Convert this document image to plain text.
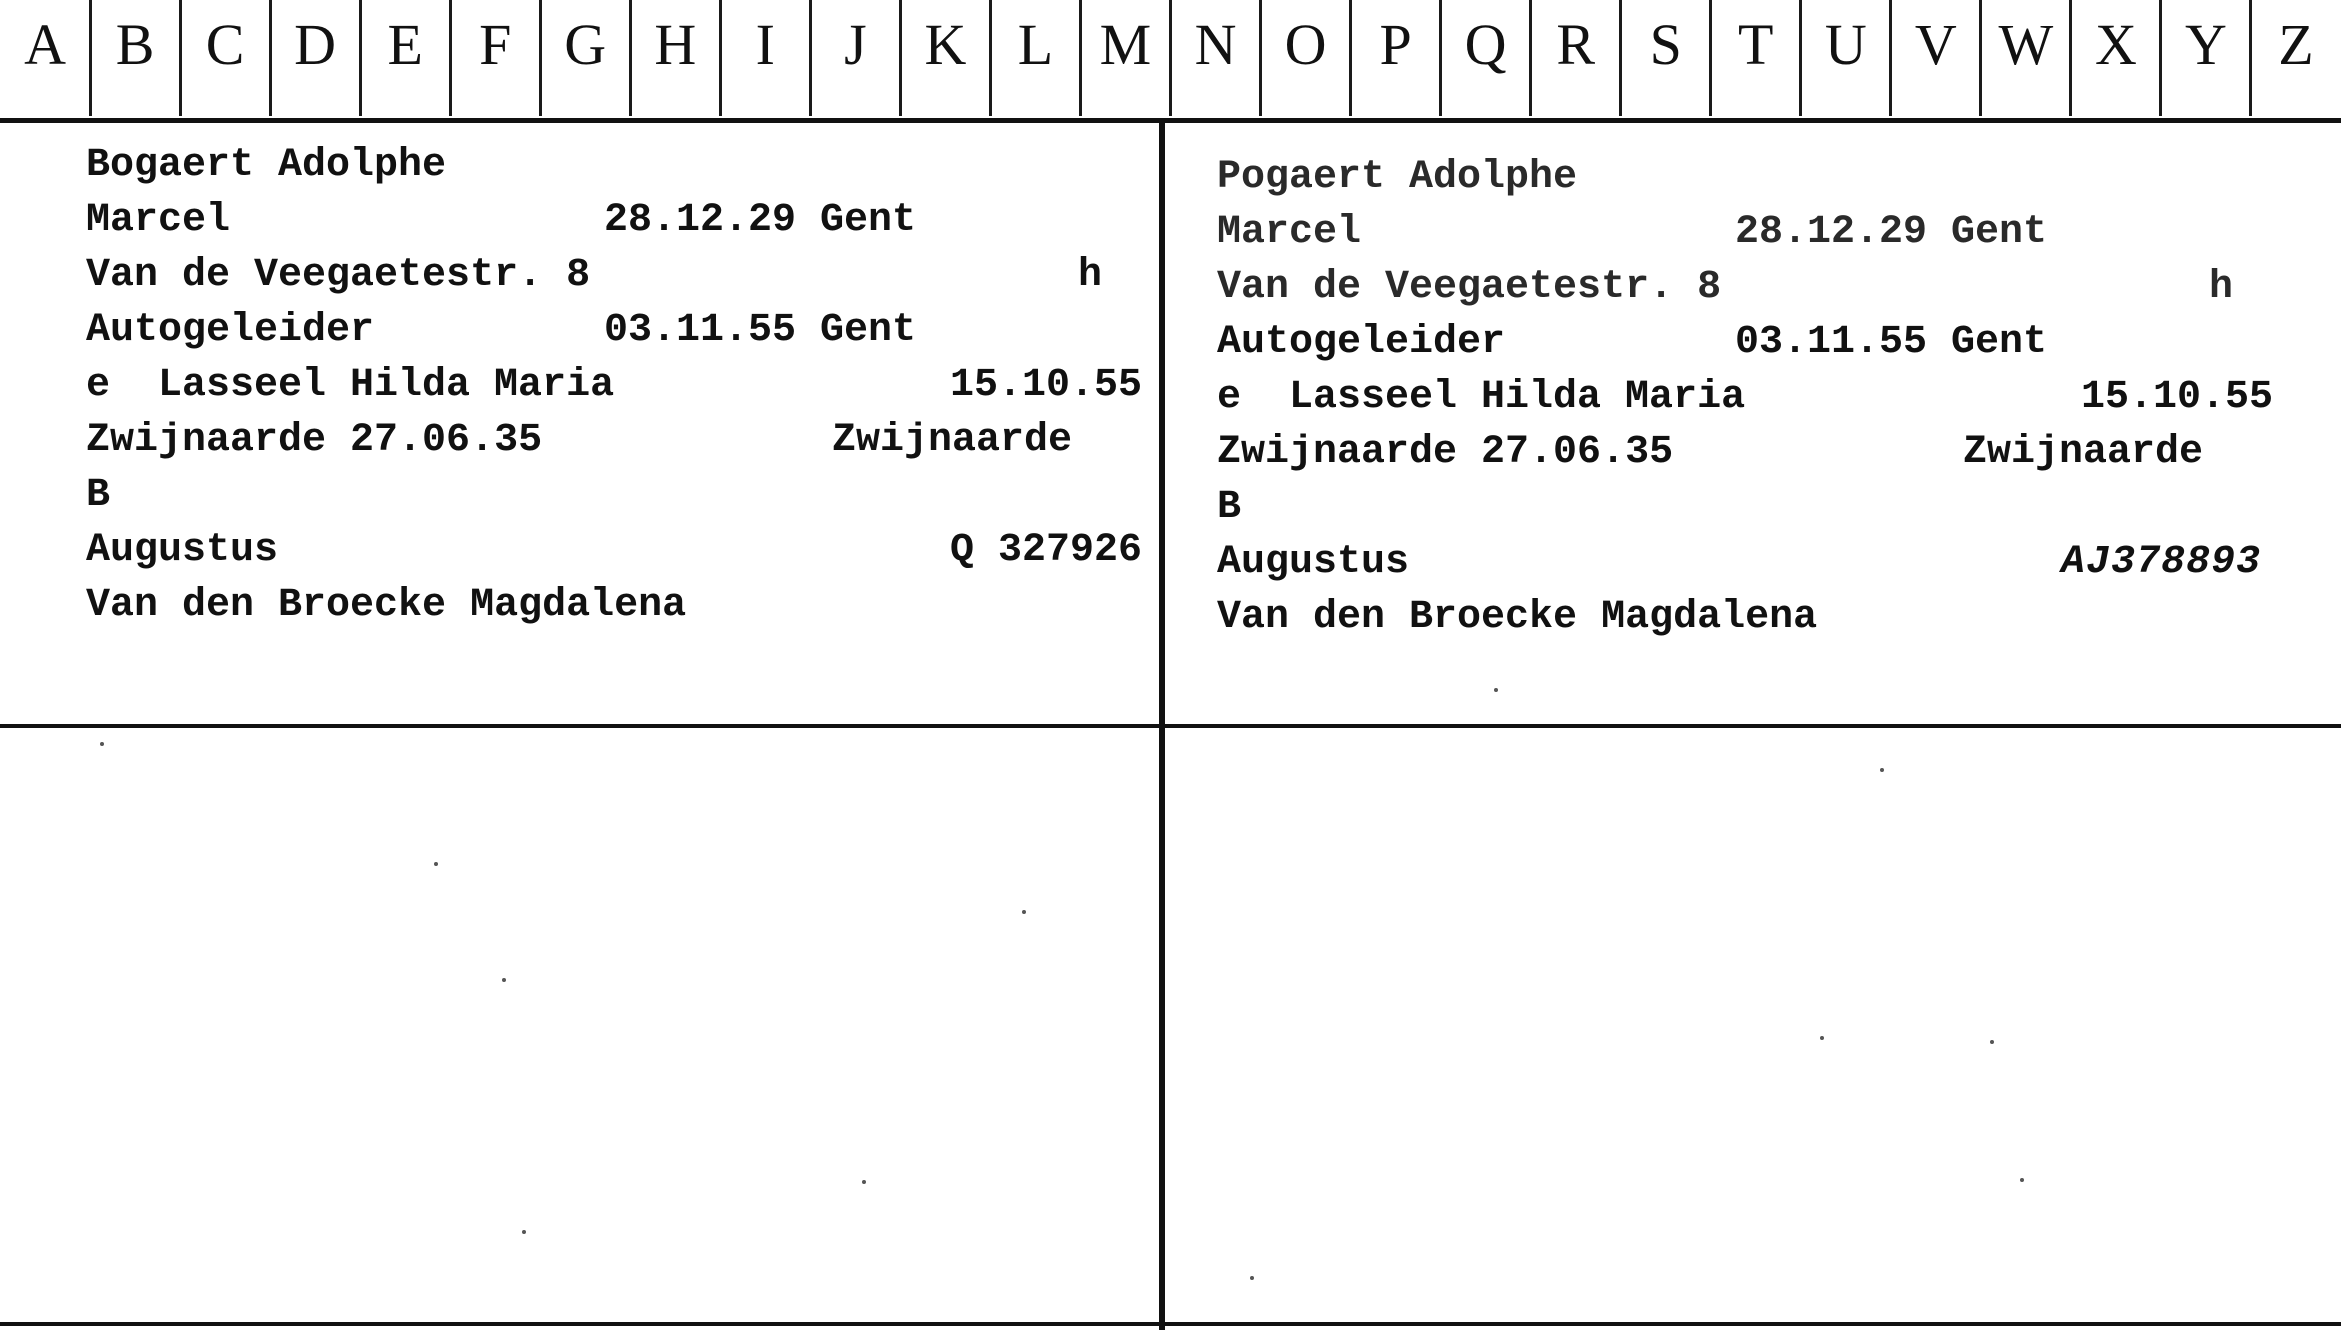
A B C D E F G H	I	J K L M N O P Q R S T U V W X Y Z

Bogaert Adolphe

Marcel

	28.12.29 Gent

Van de Veegaetestr. 8

	h

Autogeleider

	03.11.55 Gent

e

Lasseel Hilda Maria

	15.10.55

Zwijnaarde 27.06.35

	Zwijnaarde

B

Augustus

	Q 327926

Van den Broecke Magdalena

Pogaert Adolphe

Marcel

	28.12.29 Gent

Van de Veegaetestr. 8

	h

Autogeleider

	03.11.55 Gent

e

Lasseel Hilda Maria

	15.10.55

Zwijnaarde 27.06.35

	Zwijnaarde

B

Augustus

	AJ378893

Van den Broecke Magdalena
